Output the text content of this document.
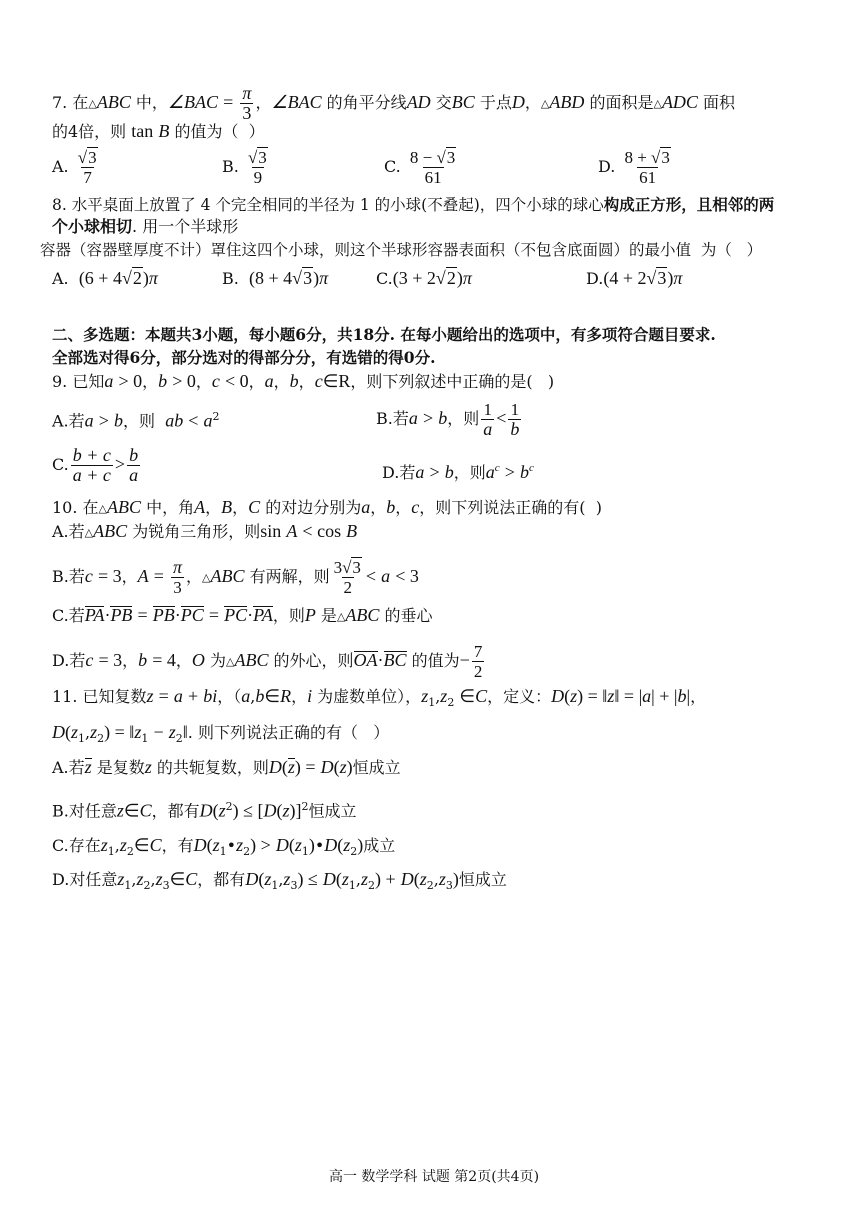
7. 在△ABC 中，∠BAC = $\frac{\pi}{3}$ ，∠BAC 的角平分线AD 交BC 于点D，△ABD 的面积是△ADC 面积
的4倍，则 tan B 的值为（  ）
A. $\frac{√3}{7}$	B. $\frac{√3}{9}$	C. $\frac{8 - √3}{61}$	D. $\frac{8 + √3}{61}$
8. 水平桌面上放置了 4 个完全相同的半径为 1 的小球(不叠起)，四个小球的球心构成正方形，且相邻的两
个小球相切. 用一个半球形
容器（容器壁厚度不计）罩住这四个小球，则这个半球形容器表面积（不包含底面圆）的最小值  为（   ）
A.  (6 + 4√2)π	B.  (8 + 4√3)π	C.(3 + 2√2)π	D.(4 + 2√3)π
二、多选题：本题共3小题，每小题6分，共18分. 在每小题给出的选项中，有多项符合题目要求.
全部选对得6分，部分选对的得部分分，有选错的得0分.
9. 已知a > 0，b > 0，c < 0，a，b，c∈R，则下列叙述中正确的是(   )
A.若a > b，则  ab < $a^2$	B.若a > b，则 $\frac{1}{a} < \frac{1}{b}$
C. $\frac{b + c}{a + c} > \frac{b}{a}$	D.若a > b，则$a^c > b^c$
10. 在△ABC 中，角A，B，C 的对边分别为a，b，c，则下列说法正确的有(  )
A.若△ABC 为锐角三角形，则sin A < cos B
B.若c = 3，$A = \frac{\pi}{3}$ ，△ABC 有两解，则 $\frac{3√3}{2} < a < 3$
C.若PA·PB = PB·PC = PC·PA，则P 是△ABC 的垂心
D.若c = 3，b = 4，O 为△ABC 的外心，则OA·BC 的值为− $\frac{7}{2}$
11. 已知复数z = a + bi，（a,b∈R，i 为虚数单位），$z_1,z_2$ ∈C，定义：D(z) = ‖z‖ = |a| + |b|，
$D(z_1,z_2)$ = $‖z_1$ − $z_2‖$. 则下列说法正确的有（   ）
A.若z 是复数z 的共轭复数，则D(z) = D(z)恒成立
B.对任意z∈C，都有$D(z^2) \le [D(z)]^2$恒成立
C.存在$z_1,z_2\in C$，有$D(z_1•z_2)$ > $D(z_1)•D(z_2)$成立
D.对任意$z_1,z_2,z_3\in C$，都有$D(z_1,z_3) \le D(z_1,z_2) + D(z_2,z_3)$恒成立
高一 数学学科 试题 第2页(共4页)
